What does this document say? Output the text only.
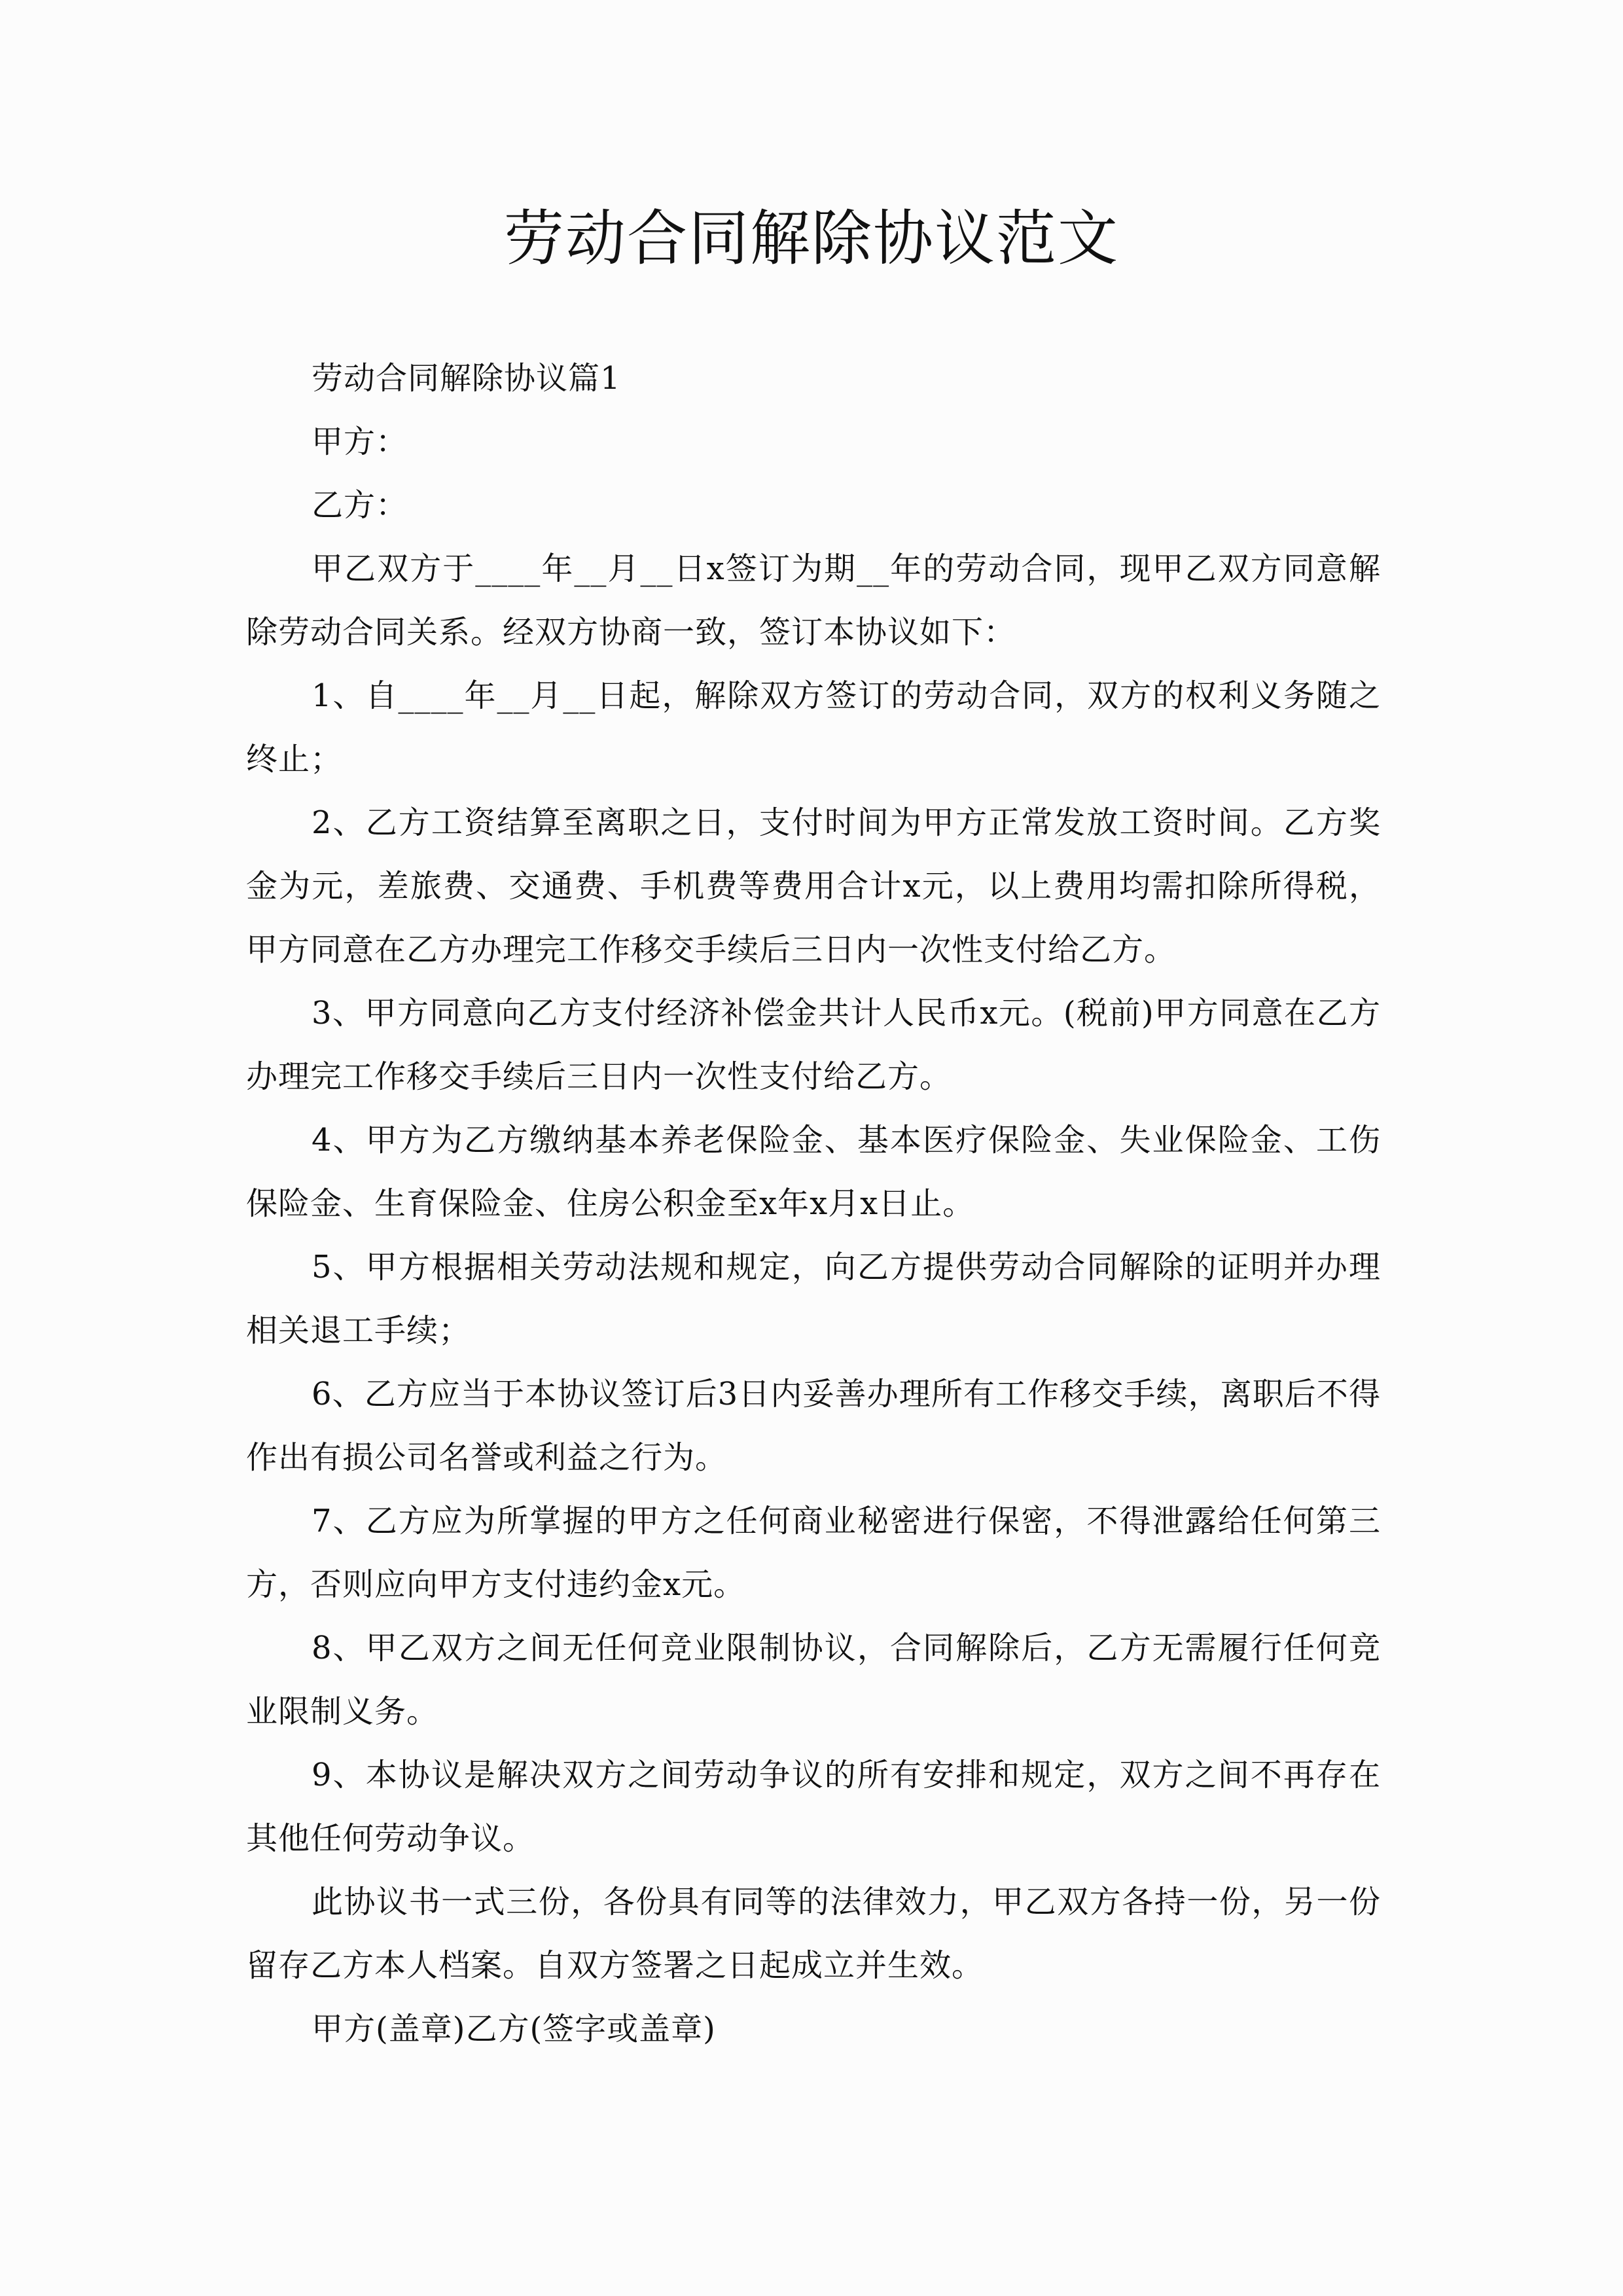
劳动合同解除协议范文

劳动合同解除协议篇1

甲方：

乙方：

甲乙双方于____年__月__日x签订为期__年的劳动合同，现甲乙双方同意解除劳动合同关系。经双方协商一致，签订本协议如下：

1、自____年__月__日起，解除双方签订的劳动合同，双方的权利义务随之终止；

2、乙方工资结算至离职之日，支付时间为甲方正常发放工资时间。乙方奖金为元，差旅费、交通费、手机费等费用合计x元，以上费用均需扣除所得税，甲方同意在乙方办理完工作移交手续后三日内一次性支付给乙方。

3、甲方同意向乙方支付经济补偿金共计人民币x元。(税前)甲方同意在乙方办理完工作移交手续后三日内一次性支付给乙方。

4、甲方为乙方缴纳基本养老保险金、基本医疗保险金、失业保险金、工伤保险金、生育保险金、住房公积金至x年x月x日止。

5、甲方根据相关劳动法规和规定，向乙方提供劳动合同解除的证明并办理相关退工手续；

6、乙方应当于本协议签订后3日内妥善办理所有工作移交手续，离职后不得作出有损公司名誉或利益之行为。

7、乙方应为所掌握的甲方之任何商业秘密进行保密，不得泄露给任何第三方，否则应向甲方支付违约金x元。

8、甲乙双方之间无任何竞业限制协议，合同解除后，乙方无需履行任何竞业限制义务。

9、本协议是解决双方之间劳动争议的所有安排和规定，双方之间不再存在其他任何劳动争议。

此协议书一式三份，各份具有同等的法律效力，甲乙双方各持一份，另一份留存乙方本人档案。自双方签署之日起成立并生效。

甲方(盖章)乙方(签字或盖章)
